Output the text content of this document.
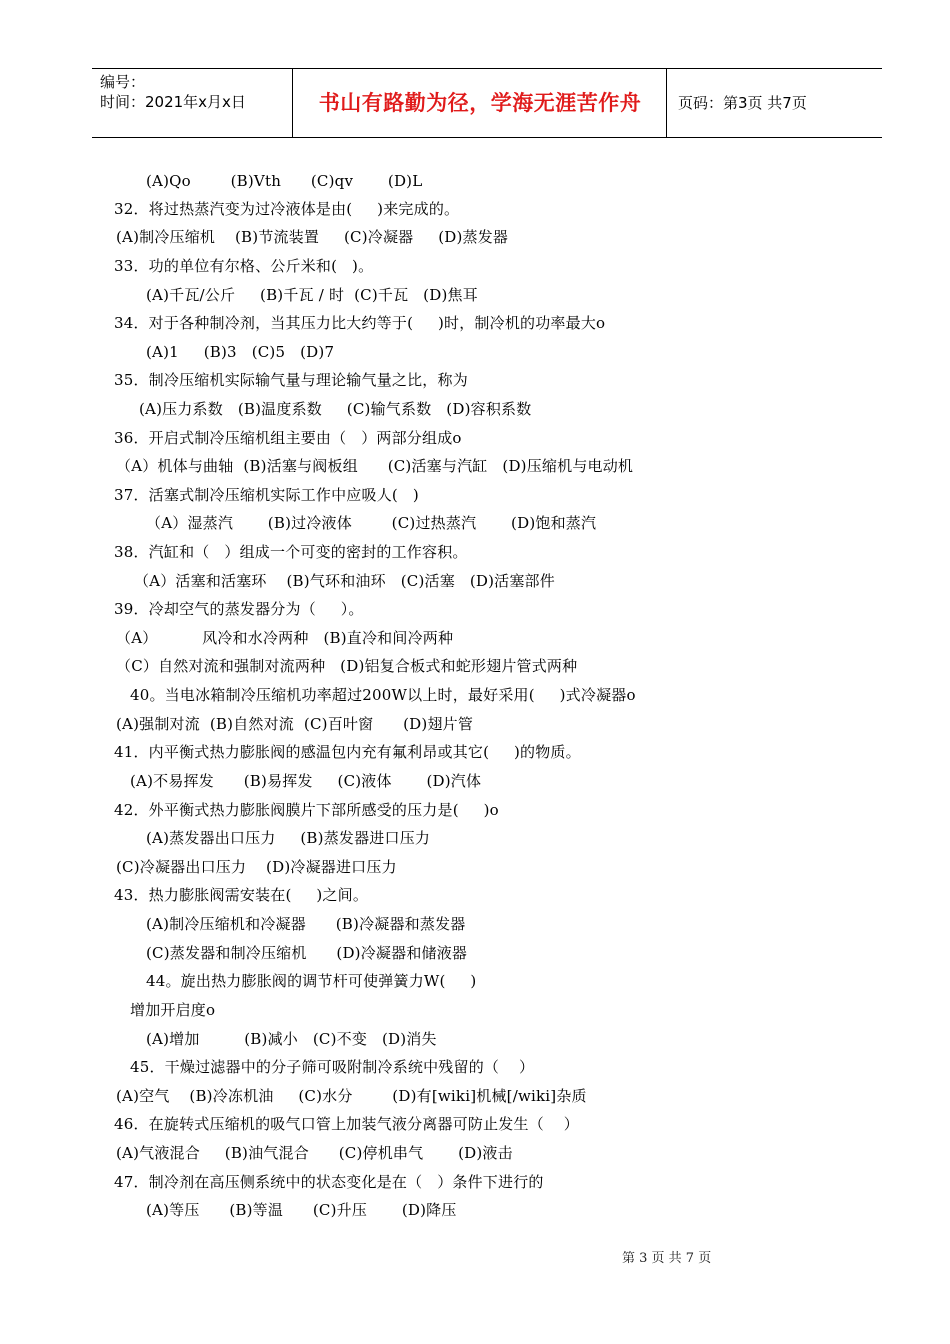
编号：
时间：2021年x月x日	书山有路勤为径，学海无涯苦作舟	页码：第3页 共7页
(A)Qo        (B)Vth      (C)qv       (D)L
32．将过热蒸汽变为过冷液体是由(     )来完成的。
(A)制冷压缩机    (B)节流装置     (C)冷凝器     (D)蒸发器
33．功的单位有尔格、公斤米和(   )。
(A)千瓦/公斤     (B)千瓦 / 时  (C)千瓦   (D)焦耳
34．对于各种制冷剂，当其压力比大约等于(     )时，制冷机的功率最大o
(A)1     (B)3   (C)5   (D)7
35．制冷压缩机实际输气量与理论输气量之比，称为
(A)压力系数   (B)温度系数     (C)输气系数   (D)容积系数
36．开启式制冷压缩机组主要由（   ）两部分组成o
（A）机体与曲轴  (B)活塞与阀板组      (C)活塞与汽缸   (D)压缩机与电动机
37．活塞式制冷压缩机实际工作中应吸人(   )
（A）湿蒸汽       (B)过冷液体        (C)过热蒸汽       (D)饱和蒸汽
38．汽缸和（   ）组成一个可变的密封的工作容积。
（A）活塞和活塞环    (B)气环和油环   (C)活塞   (D)活塞部件
39．冷却空气的蒸发器分为（     ）。
（A）         风冷和水冷两种   (B)直冷和间冷两种
（C）自然对流和强制对流两种   (D)铝复合板式和蛇形翅片管式两种
40。当电冰箱制冷压缩机功率超过200W以上时，最好采用(     )式冷凝器o
(A)强制对流  (B)自然对流  (C)百叶窗      (D)翅片管
41．内平衡式热力膨胀阀的感温包内充有氟利昂或其它(     )的物质。
(A)不易挥发      (B)易挥发     (C)液体       (D)汽体
42．外平衡式热力膨胀阀膜片下部所感受的压力是(     )o
(A)蒸发器出口压力     (B)蒸发器进口压力
(C)冷凝器出口压力    (D)冷凝器进口压力
43．热力膨胀阀需安装在(     )之间。
(A)制冷压缩机和冷凝器      (B)冷凝器和蒸发器
(C)蒸发器和制冷压缩机      (D)冷凝器和储液器
44。旋出热力膨胀阀的调节杆可使弹簧力W(     )
增加开启度o
(A)增加         (B)减小   (C)不变   (D)消失
45．干燥过滤器中的分子筛可吸附制冷系统中残留的（    ）
(A)空气    (B)冷冻机油     (C)水分        (D)有[wiki]机械[/wiki]杂质
46．在旋转式压缩机的吸气口管上加装气液分离器可防止发生（    ）
(A)气液混合     (B)油气混合      (C)停机串气       (D)液击
47．制冷剂在高压侧系统中的状态变化是在（   ）条件下进行的
(A)等压      (B)等温      (C)升压       (D)降压
第 3 页 共 7 页
